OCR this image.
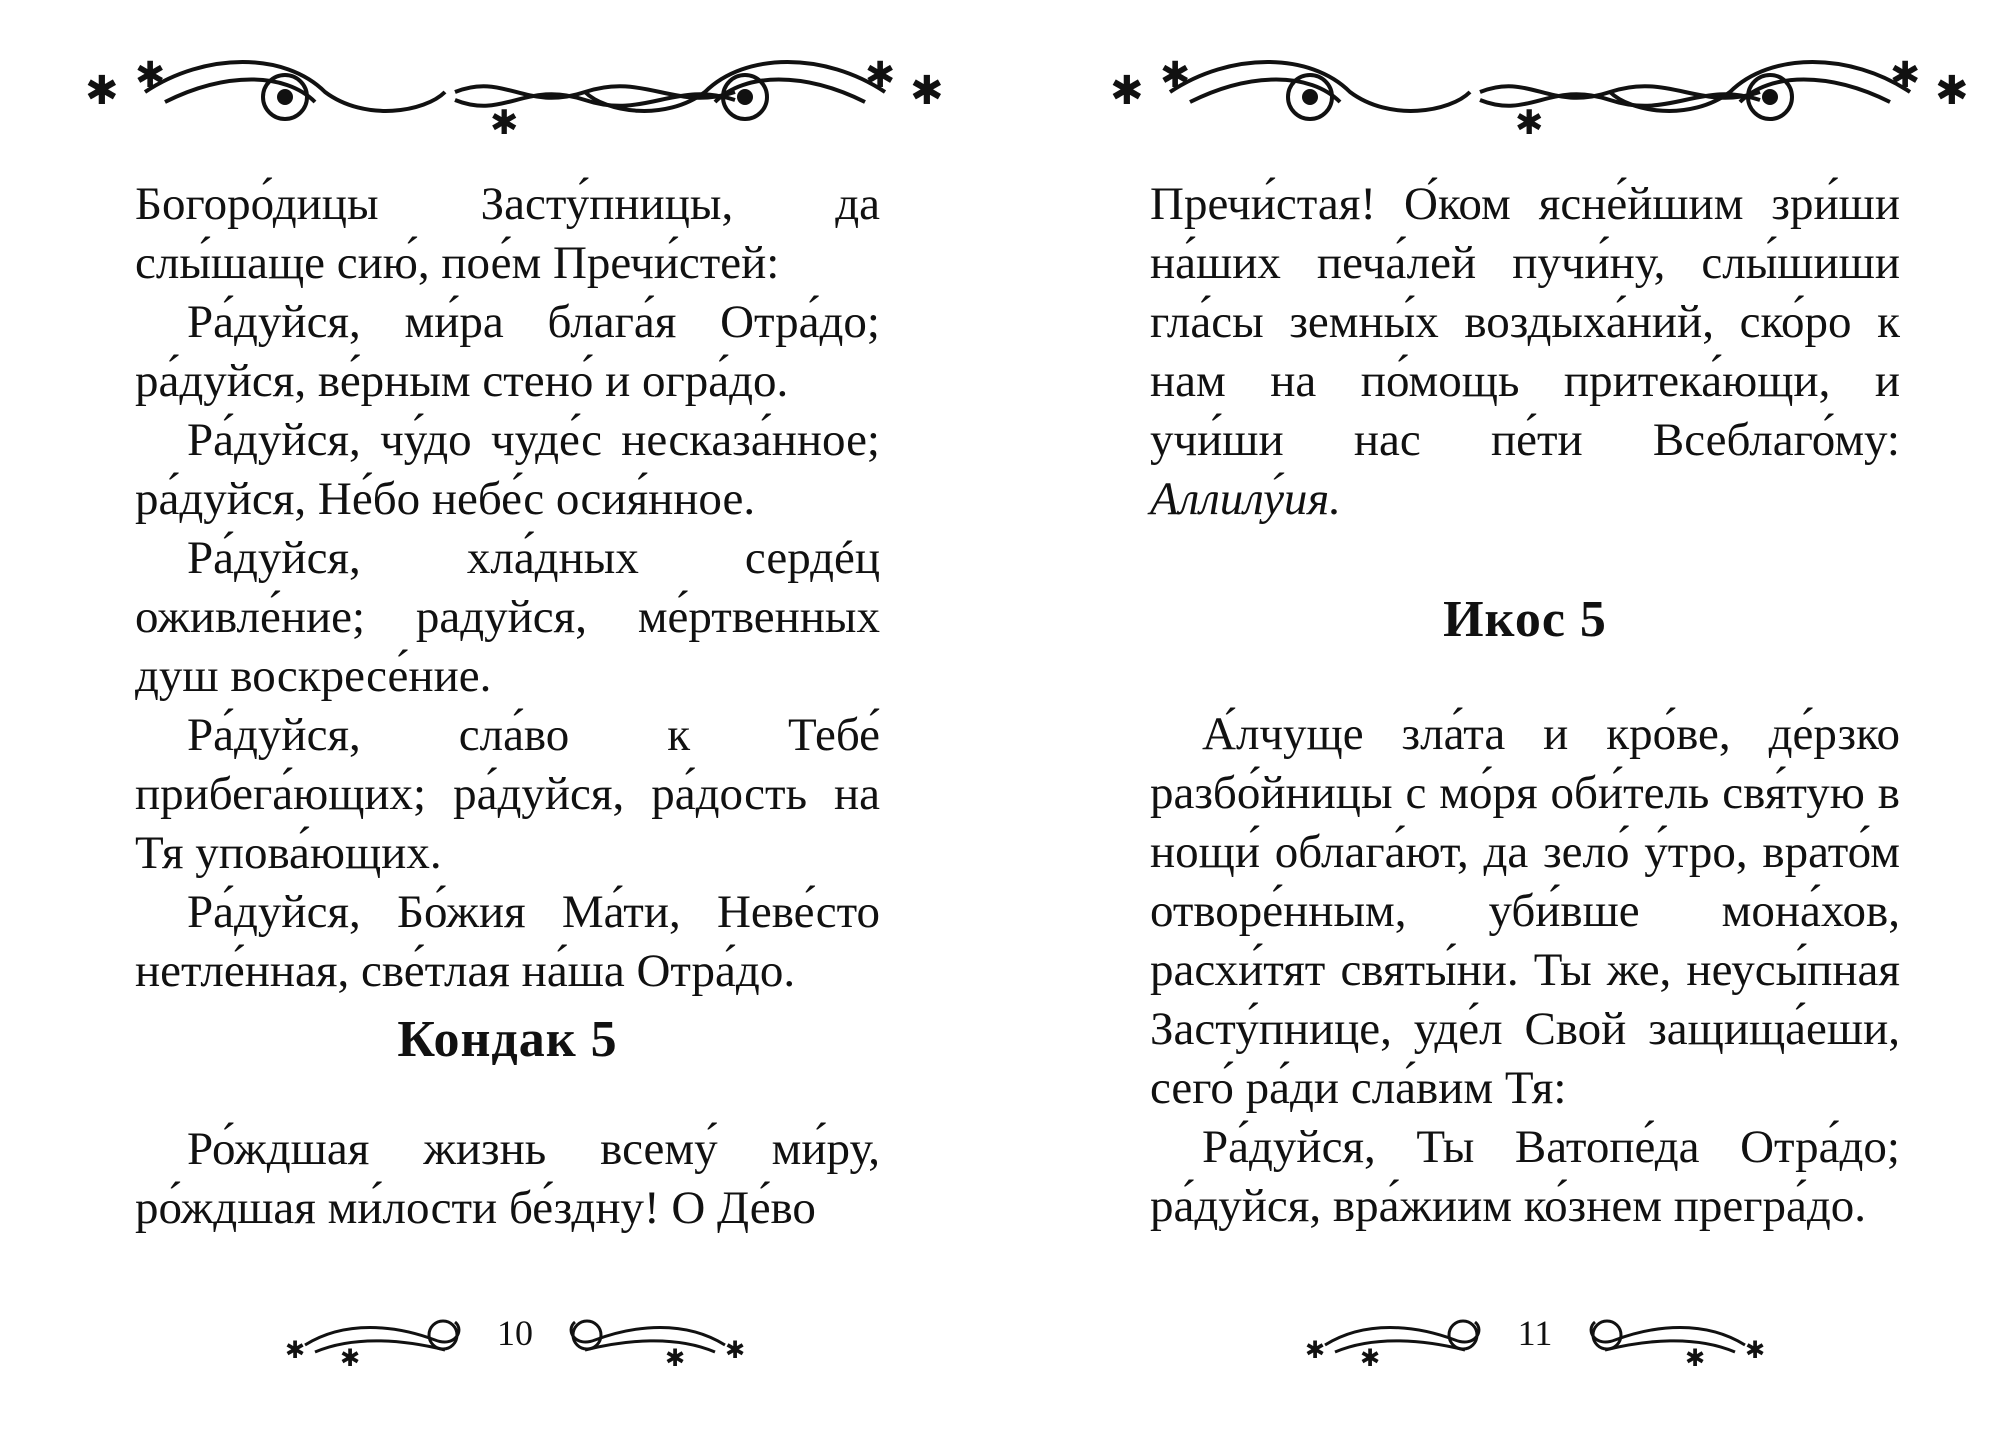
✱ ✱
✱
✱ ✱

Богоро́дицы Засту́пницы, да слы́шаще сию́, пое́м Пречи́стей:

Ра́дуйся, ми́ра блага́я Отра́до; ра́дуйся, ве́рным стено́ и огра́до.

Ра́дуйся, чу́до чуде́с несказа́нное; ра́дуйся, Не́бо небе́с осия́нное.

Ра́дуйся, хла́дных сердéц оживле́ние; радуйся, ме́ртвенных душ воскресе́ние.

Ра́дуйся, сла́во к Тебе́ прибега́ющих; ра́дуйся, ра́дость на Тя упова́ющих.

Ра́дуйся, Бо́жия Ма́ти, Неве́сто нетле́нная, све́тлая на́ша Отра́до.

Кондак 5

Ро́ждшая жизнь всему́ ми́ру, ро́ждшая ми́лости бе́здну! О Де́во

✱ ✱	✱ ✱
10
✱ ✱
✱
✱ ✱

Пречи́стая! О́ком ясне́йшим зри́ши на́ших печа́лей пучи́ну, слы́шиши гла́сы земны́х воздыха́ний, ско́ро к нам на по́мощь притека́ющи, и учи́ши нас пе́ти Всеблаго́му: Аллилу́ия.

Икос 5

А́лчуще зла́та и кро́ве, де́рзко разбо́йницы с мо́ря оби́тель свя́тую в нощи́ облага́ют, да зело́ у́тро, врато́м отворе́нным, уби́вше мона́хов, расхи́тят святы́ни. Ты же, неусы́пная Засту́пнице, уде́л Свой защища́еши, сего́ ра́ди сла́вим Тя:

Ра́дуйся, Ты Ватопе́да Отра́до; ра́дуйся, вра́жиим ко́знем прегра́до.

✱ ✱	✱ ✱
11
